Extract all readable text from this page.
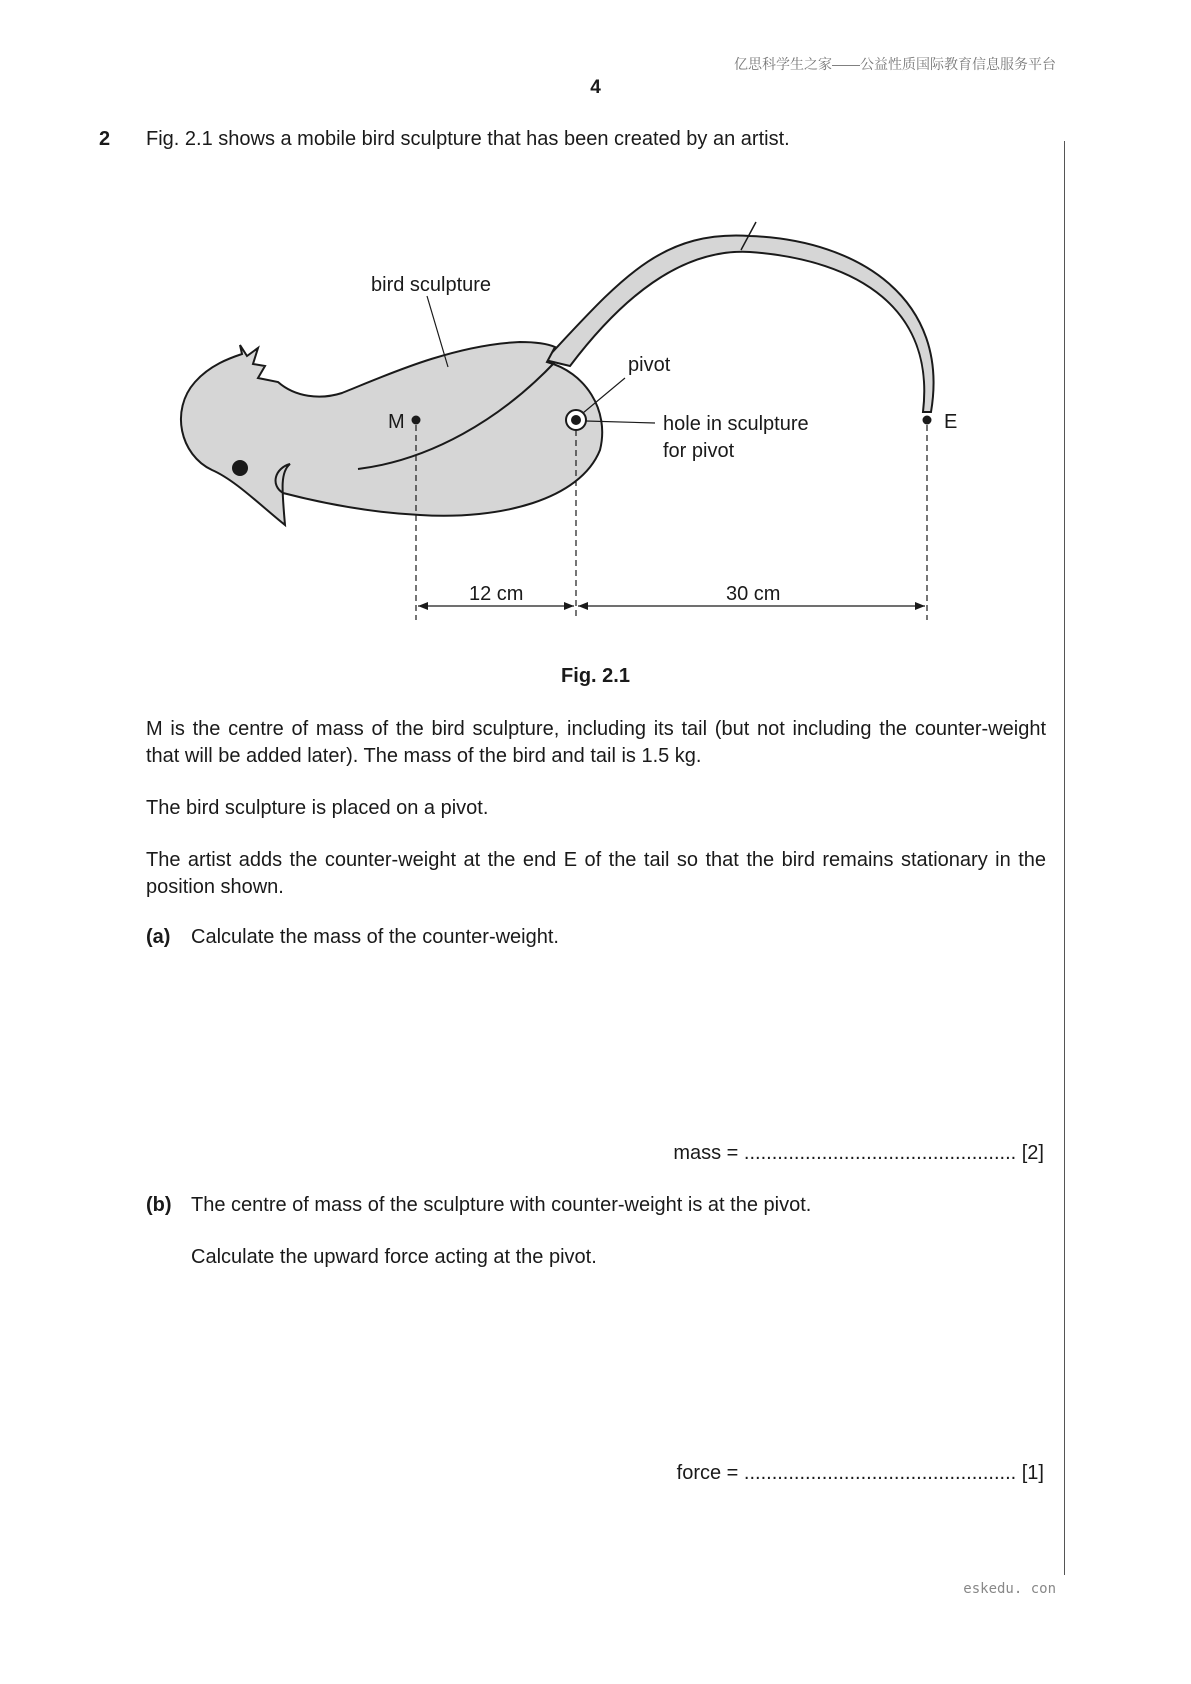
亿思科学生之家——公益性质国际教育信息服务平台
4
2 Fig. 2.1 shows a mobile bird sculpture that has been created by an artist.
bird sculpture
pivot
hole in sculpture
for pivot
M	E
12 cm	30 cm
Fig. 2.1
M is the centre of mass of the bird sculpture, including its tail (but not including the counter-weight that will be added later). The mass of the bird and tail is 1.5 kg.
The bird sculpture is placed on a pivot.
The artist adds the counter-weight at the end E of the tail so that the bird remains stationary in the position shown.
(a) Calculate the mass of the counter-weight.
mass = ................................................. [2]
(b) The centre of mass of the sculpture with counter-weight is at the pivot.
Calculate the upward force acting at the pivot.
force = ................................................. [1]
eskedu. con
